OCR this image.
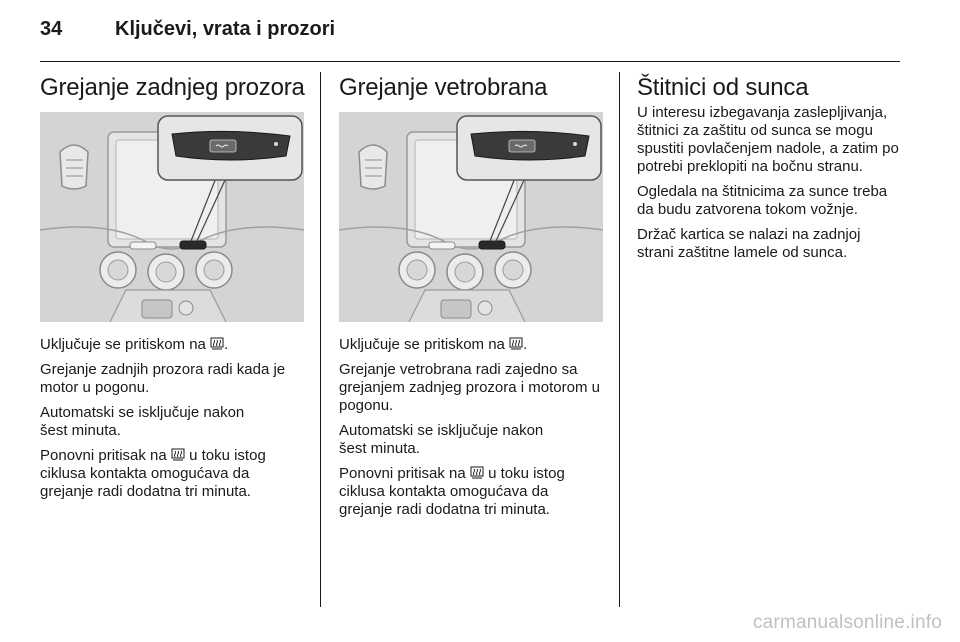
34	Ključevi, vrata i prozori
Grejanje zadnjeg prozora

Uključuje se pritiskom na .

Grejanje zadnjih prozora radi kada je motor u pogonu.

Automatski se isključuje nakon šest minuta.

Ponovni pritisak na  u toku istog ciklusa kontakta omogućava da grejanje radi dodatna tri minuta.

Grejanje vetrobrana

Uključuje se pritiskom na .

Grejanje vetrobrana radi zajedno sa grejanjem zadnjeg prozora i motorom u pogonu.

Automatski se isključuje nakon šest minuta.

Ponovni pritisak na  u toku istog ciklusa kontakta omogućava da grejanje radi dodatna tri minuta.

Štitnici od sunca

U interesu izbegavanja zaslepljivanja, štitnici za zaštitu od sunca se mogu spustiti povlačenjem nadole, a zatim po potrebi preklopiti na bočnu stranu.

Ogledala na štitnicima za sunce treba da budu zatvorena tokom vožnje.

Držač kartica se nalazi na zadnjoj strani zaštitne lamele od sunca.

carmanualsonline.info
